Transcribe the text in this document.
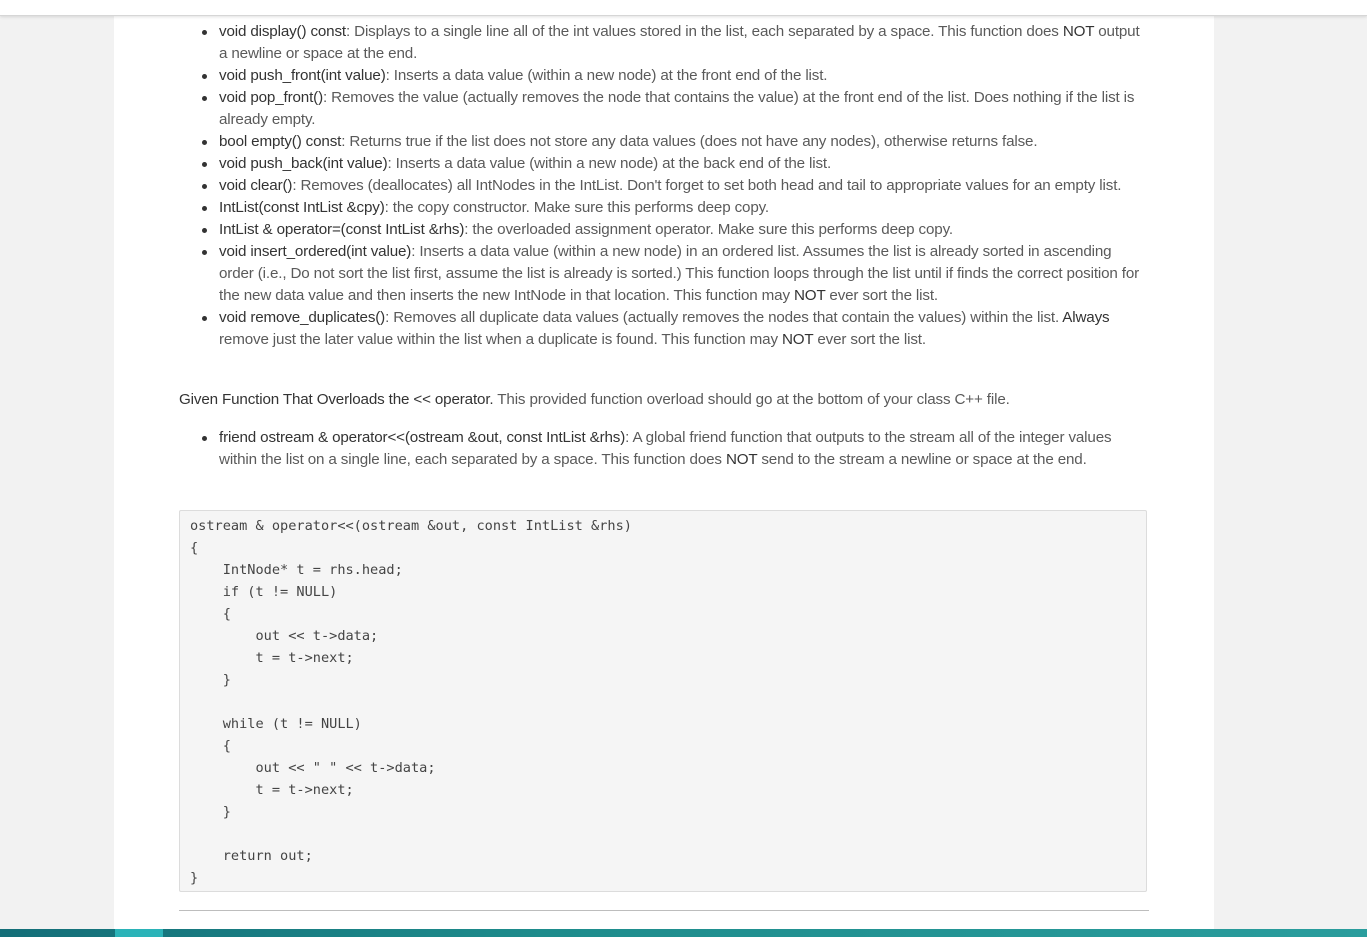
void display() const: Displays to a single line all of the int values stored in the list, each separated by a space. This function does NOT output a newline or space at the end.
void push_front(int value): Inserts a data value (within a new node) at the front end of the list.
void pop_front(): Removes the value (actually removes the node that contains the value) at the front end of the list. Does nothing if the list is already empty.
bool empty() const: Returns true if the list does not store any data values (does not have any nodes), otherwise returns false.
void push_back(int value): Inserts a data value (within a new node) at the back end of the list.
void clear(): Removes (deallocates) all IntNodes in the IntList. Don't forget to set both head and tail to appropriate values for an empty list.
IntList(const IntList &cpy): the copy constructor. Make sure this performs deep copy.
IntList & operator=(const IntList &rhs): the overloaded assignment operator. Make sure this performs deep copy.
void insert_ordered(int value): Inserts a data value (within a new node) in an ordered list. Assumes the list is already sorted in ascending order (i.e., Do not sort the list first, assume the list is already is sorted.) This function loops through the list until if finds the correct position for the new data value and then inserts the new IntNode in that location. This function may NOT ever sort the list.
void remove_duplicates(): Removes all duplicate data values (actually removes the nodes that contain the values) within the list. Always remove just the later value within the list when a duplicate is found. This function may NOT ever sort the list.
Given Function That Overloads the << operator. This provided function overload should go at the bottom of your class C++ file.
friend ostream & operator<<(ostream &out, const IntList &rhs): A global friend function that outputs to the stream all of the integer values within the list on a single line, each separated by a space. This function does NOT send to the stream a newline or space at the end.
ostream & operator<<(ostream &out, const IntList &rhs)
{
IntNode* t = rhs.head;
if (t != NULL)
{
out << t->data;
t = t->next;
}

while (t != NULL)
{
out << " " << t->data;
t = t->next;
}

return out;
}
